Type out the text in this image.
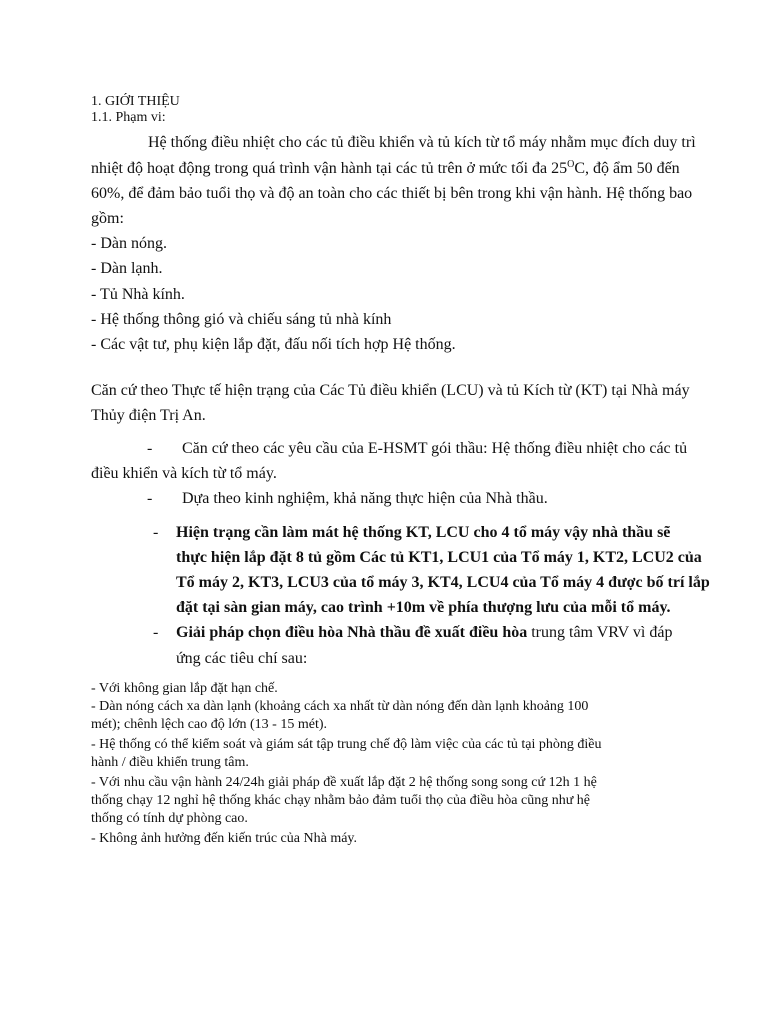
1. GIỚI THIỆU
1.1. Phạm vi:
Hệ thống điều nhiệt cho các tủ điều khiển và tủ kích từ tổ máy nhằm mục đích duy trì
nhiệt độ hoạt động trong quá trình vận hành tại các tủ trên ở mức tối đa $25^OC$, độ ẩm 50 đến
60%, để đảm bảo tuổi thọ và độ an toàn cho các thiết bị bên trong khi vận hành. Hệ thống bao
gồm:
- Dàn nóng.
- Dàn lạnh.
- Tủ Nhà kính.
- Hệ thống thông gió và chiếu sáng tủ nhà kính
- Các vật tư, phụ kiện lắp đặt, đấu nối tích hợp Hệ thống.
Căn cứ theo Thực tế hiện trạng của Các Tủ điều khiển (LCU) và tủ Kích từ (KT) tại Nhà máy
Thủy điện Trị An.
- Căn cứ theo các yêu cầu của E-HSMT gói thầu: Hệ thống điều nhiệt cho các tủ
điều khiển và kích từ tổ máy.
- Dựa theo kinh nghiệm, khả năng thực hiện của Nhà thầu.
- Hiện trạng cần làm mát hệ thống KT, LCU cho 4 tổ máy vậy nhà thầu sẽ
thực hiện lắp đặt 8 tủ gồm Các tủ KT1, LCU1 của Tổ máy 1, KT2, LCU2 của
Tổ máy 2, KT3, LCU3 của tổ máy 3, KT4, LCU4 của Tổ máy 4 được bố trí lắp
đặt tại sàn gian máy, cao trình +10m về phía thượng lưu của mỗi tổ máy.
- Giải pháp chọn điều hòa Nhà thầu đề xuất điều hòa trung tâm VRV vì đáp
ứng các tiêu chí sau:
- Với không gian lắp đặt hạn chế.
- Dàn nóng cách xa dàn lạnh (khoảng cách xa nhất từ dàn nóng đến dàn lạnh khoảng 100
mét); chênh lệch cao độ lớn (13 - 15 mét).
- Hệ thống có thể kiểm soát và giám sát tập trung chế độ làm việc của các tủ tại phòng điều
hành / điều khiển trung tâm.
- Với nhu cầu vận hành 24/24h giải pháp đề xuất lắp đặt 2 hệ thống song song cứ 12h 1 hệ
thống chạy 12 nghỉ hệ thống khác chạy nhằm bảo đảm tuổi thọ của điều hòa cũng như hệ
thống có tính dự phòng cao.
- Không ảnh hưởng đến kiến trúc của Nhà máy.
